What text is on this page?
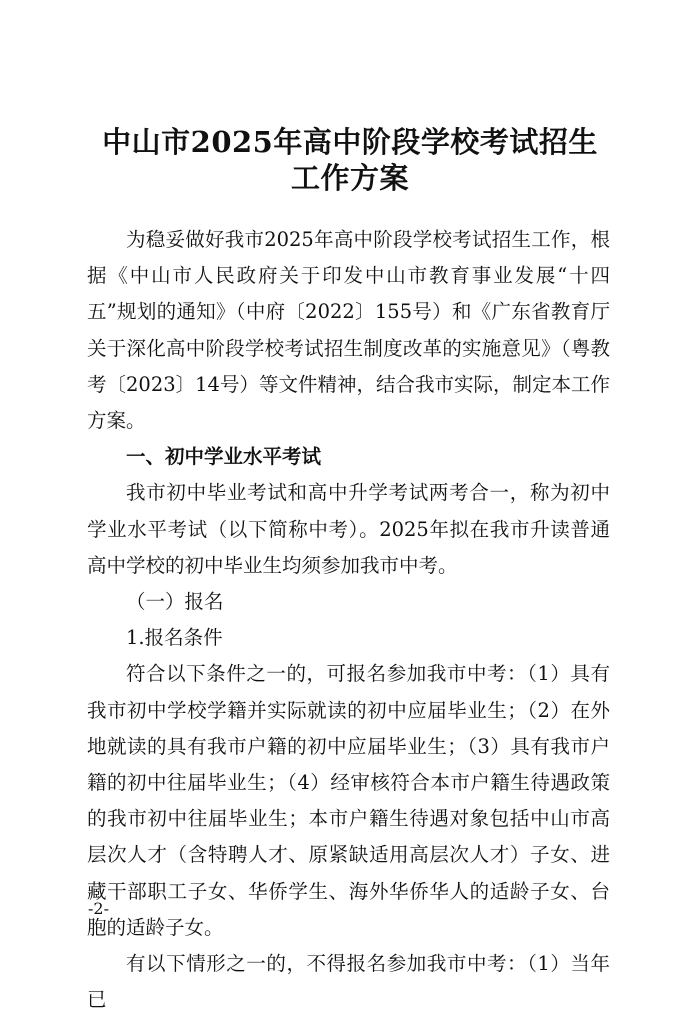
中山市2025年高中阶段学校考试招生
工作方案

为稳妥做好我市2025年高中阶段学校考试招生工作，根据《中山市人民政府关于印发中山市教育事业发展“十四五”规划的通知》（中府〔2022〕155号）和《广东省教育厅关于深化高中阶段学校考试招生制度改革的实施意见》（粤教考〔2023〕14号）等文件精神，结合我市实际，制定本工作方案。

一、初中学业水平考试

我市初中毕业考试和高中升学考试两考合一，称为初中学业水平考试（以下简称中考）。2025年拟在我市升读普通高中学校的初中毕业生均须参加我市中考。

（一）报名

1.报名条件

符合以下条件之一的，可报名参加我市中考：（1）具有我市初中学校学籍并实际就读的初中应届毕业生；（2）在外地就读的具有我市户籍的初中应届毕业生；（3）具有我市户籍的初中往届毕业生；（4）经审核符合本市户籍生待遇政策的我市初中往届毕业生；本市户籍生待遇对象包括中山市高层次人才（含特聘人才、原紧缺适用高层次人才）子女、进藏干部职工子女、华侨学生、海外华侨华人的适龄子女、台胞的适龄子女。

有以下情形之一的，不得报名参加我市中考：（1）当年已

-2-
